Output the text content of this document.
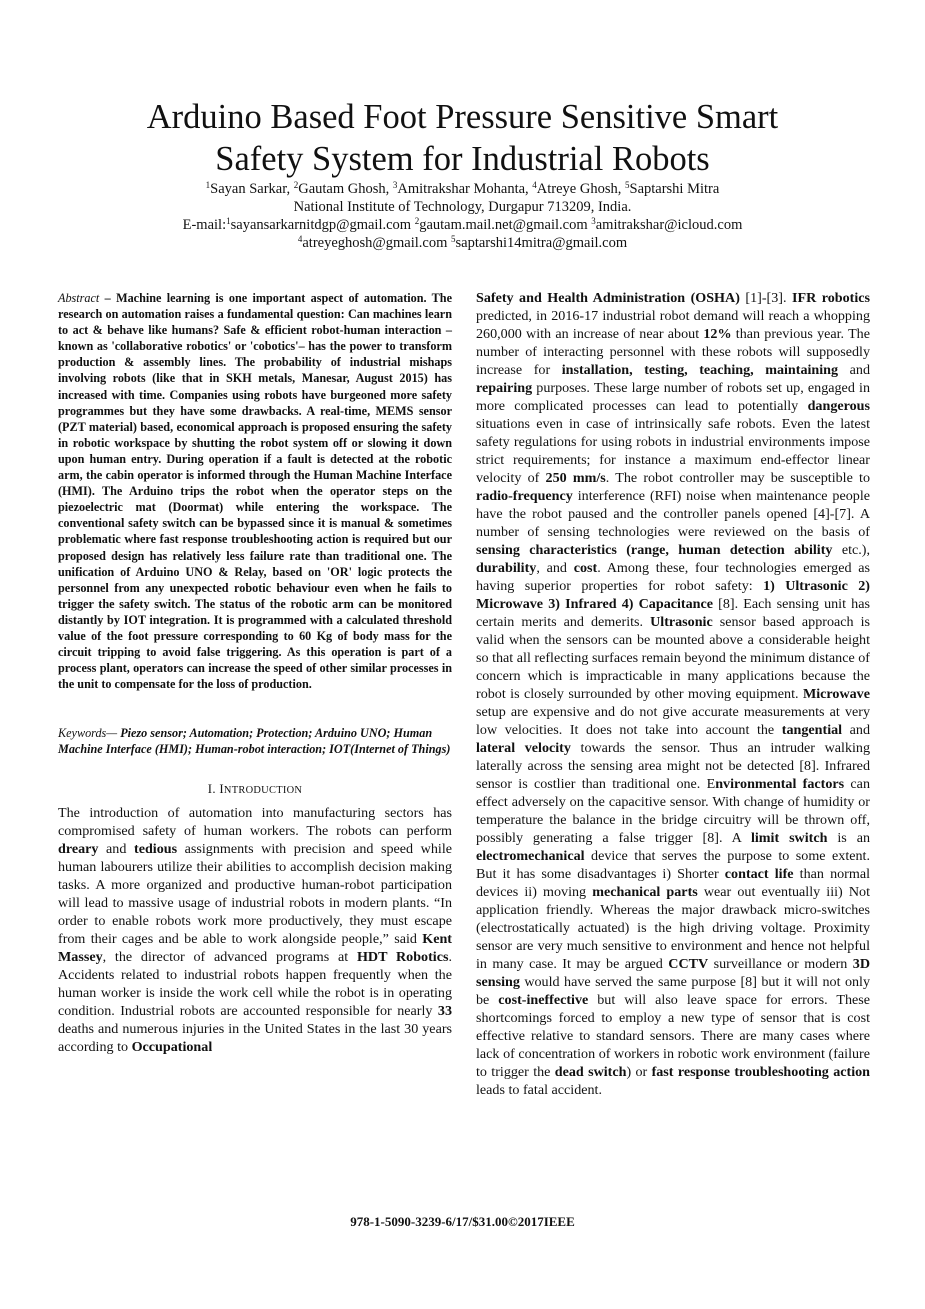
Arduino Based Foot Pressure Sensitive Smart
Safety System for Industrial Robots
$^1$Sayan Sarkar, $^2$Gautam Ghosh, $^3$Amitrakshar Mohanta, $^4$Atreye Ghosh, $^5$Saptarshi Mitra
National Institute of Technology, Durgapur 713209, India.
E-mail:$^1$sayansarkarnitdgp@gmail.com $^2$gautam.mail.net@gmail.com $^3$amitrakshar@icloud.com
$^4$atreyeghosh@gmail.com $^5$saptarshi14mitra@gmail.com
Abstract – Machine learning is one important aspect of automation. The research on automation raises a fundamental question: Can machines learn to act & behave like humans? Safe & efficient robot-human interaction – known as 'collaborative robotics' or 'cobotics'– has the power to transform production & assembly lines. The probability of industrial mishaps involving robots (like that in SKH metals, Manesar, August 2015) has increased with time. Companies using robots have burgeoned more safety programmes but they have some drawbacks. A real-time, MEMS sensor (PZT material) based, economical approach is proposed ensuring the safety in robotic workspace by shutting the robot system off or slowing it down upon human entry. During operation if a fault is detected at the robotic arm, the cabin operator is informed through the Human Machine Interface (HMI). The Arduino trips the robot when the operator steps on the piezoelectric mat (Doormat) while entering the workspace. The conventional safety switch can be bypassed since it is manual & sometimes problematic where fast response troubleshooting action is required but our proposed design has relatively less failure rate than traditional one. The unification of Arduino UNO & Relay, based on 'OR' logic protects the personnel from any unexpected robotic behaviour even when he fails to trigger the safety switch. The status of the robotic arm can be monitored distantly by IOT integration. It is programmed with a calculated threshold value of the foot pressure corresponding to 60 Kg of body mass for the circuit tripping to avoid false triggering. As this operation is part of a process plant, operators can increase the speed of other similar processes in the unit to compensate for the loss of production.
Keywords— Piezo sensor; Automation; Protection; Arduino UNO; Human Machine Interface (HMI); Human-robot interaction; IOT(Internet of Things)
I. INTRODUCTION
The introduction of automation into manufacturing sectors has compromised safety of human workers. The robots can perform dreary and tedious assignments with precision and speed while human labourers utilize their abilities to accomplish decision making tasks. A more organized and productive human-robot participation will lead to massive usage of industrial robots in modern plants. “In order to enable robots work more productively, they must escape from their cages and be able to work alongside people,” said Kent Massey, the director of advanced programs at HDT Robotics. Accidents related to industrial robots happen frequently when the human worker is inside the work cell while the robot is in operating condition. Industrial robots are accounted responsible for nearly 33 deaths and numerous injuries in the United States in the last 30 years according to Occupational
Safety and Health Administration (OSHA) [1]-[3]. IFR robotics predicted, in 2016-17 industrial robot demand will reach a whopping 260,000 with an increase of near about 12% than previous year. The number of interacting personnel with these robots will supposedly increase for installation, testing, teaching, maintaining and repairing purposes. These large number of robots set up, engaged in more complicated processes can lead to potentially dangerous situations even in case of intrinsically safe robots. Even the latest safety regulations for using robots in industrial environments impose strict requirements; for instance a maximum end-effector linear velocity of 250 mm/s. The robot controller may be susceptible to radio-frequency interference (RFI) noise when maintenance people have the robot paused and the controller panels opened [4]-[7]. A number of sensing technologies were reviewed on the basis of sensing characteristics (range, human detection ability etc.), durability, and cost. Among these, four technologies emerged as having superior properties for robot safety: 1) Ultrasonic 2) Microwave 3) Infrared 4) Capacitance [8]. Each sensing unit has certain merits and demerits. Ultrasonic sensor based approach is valid when the sensors can be mounted above a considerable height so that all reflecting surfaces remain beyond the minimum distance of concern which is impracticable in many applications because the robot is closely surrounded by other moving equipment. Microwave setup are expensive and do not give accurate measurements at very low velocities. It does not take into account the tangential and lateral velocity towards the sensor. Thus an intruder walking laterally across the sensing area might not be detected [8]. Infrared sensor is costlier than traditional one. Environmental factors can effect adversely on the capacitive sensor. With change of humidity or temperature the balance in the bridge circuitry will be thrown off, possibly generating a false trigger [8]. A limit switch is an electromechanical device that serves the purpose to some extent. But it has some disadvantages i) Shorter contact life than normal devices ii) moving mechanical parts wear out eventually iii) Not application friendly. Whereas the major drawback micro-switches (electrostatically actuated) is the high driving voltage. Proximity sensor are very much sensitive to environment and hence not helpful in many case. It may be argued CCTV surveillance or modern 3D sensing would have served the same purpose [8] but it will not only be cost-ineffective but will also leave space for errors. These shortcomings forced to employ a new type of sensor that is cost effective relative to standard sensors. There are many cases where lack of concentration of workers in robotic work environment (failure to trigger the dead switch) or fast response troubleshooting action leads to fatal accident.
978-1-5090-3239-6/17/$31.00©2017IEEE
